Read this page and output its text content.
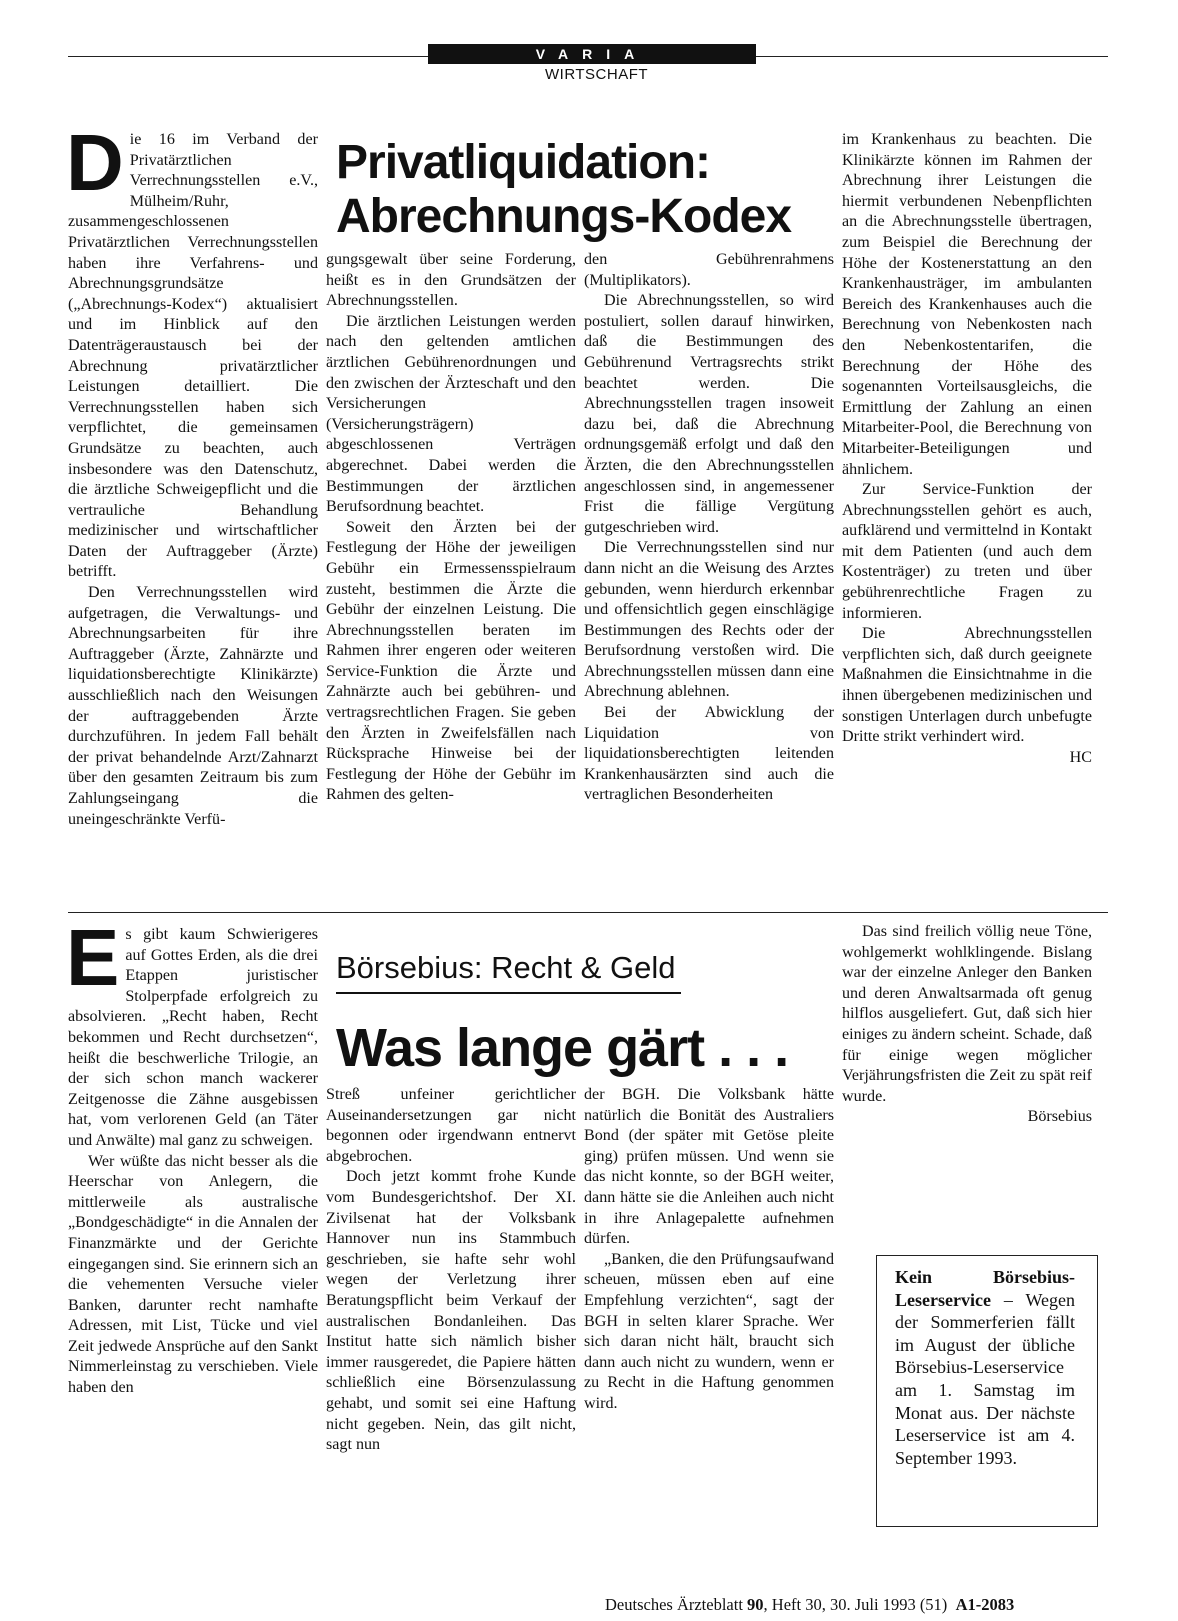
VARIA
WIRTSCHAFT
Privatliquidation:
Abrechnungs-Kodex
D ie 16 im Verband der Privatärztlichen Verrechnungsstellen e.V., Mülheim/Ruhr, zusammengeschlossenen Privatärztlichen Verrechnungsstellen haben ihre Verfahrens- und Abrechnungsgrundsätze („Abrechnungs-Kodex“) aktualisiert und im Hinblick auf den Datenträgeraustausch bei der Abrechnung privatärztlicher Leistungen detailliert. Die Verrechnungsstellen haben sich verpflichtet, die gemeinsamen Grundsätze zu beachten, auch insbesondere was den Datenschutz, die ärztliche Schweigepflicht und die vertrauliche Behandlung medizinischer und wirtschaftlicher Daten der Auftraggeber (Ärzte) betrifft.

Den Verrechnungsstellen wird aufgetragen, die Verwaltungs- und Abrechnungsarbeiten für ihre Auftraggeber (Ärzte, Zahnärzte und liquidationsberechtigte Klinikärzte) ausschließlich nach den Weisungen der auftraggebenden Ärzte durchzuführen. In jedem Fall behält der privat behandelnde Arzt/Zahnarzt über den gesamten Zeitraum bis zum Zahlungseingang die uneingeschränkte Verfü-

gungsgewalt über seine Forderung, heißt es in den Grundsätzen der Abrechnungsstellen.

Die ärztlichen Leistungen werden nach den geltenden amtlichen ärztlichen Gebührenordnungen und den zwischen der Ärzteschaft und den Versicherungen (Versicherungsträgern) abgeschlossenen Verträgen abgerechnet. Dabei werden die Bestimmungen der ärztlichen Berufsordnung beachtet.

Soweit den Ärzten bei der Festlegung der Höhe der jeweiligen Gebühr ein Ermessensspielraum zusteht, bestimmen die Ärzte die Gebühr der einzelnen Leistung. Die Abrechnungsstellen beraten im Rahmen ihrer engeren oder weiteren Service-Funktion die Ärzte und Zahnärzte auch bei gebühren- und vertragsrechtlichen Fragen. Sie geben den Ärzten in Zweifelsfällen nach Rücksprache Hinweise bei der Festlegung der Höhe der Gebühr im Rahmen des gelten-

den Gebührenrahmens (Multiplikators).

Die Abrechnungsstellen, so wird postuliert, sollen darauf hinwirken, daß die Bestimmungen des Gebührenund Vertragsrechts strikt beachtet werden. Die Abrechnungsstellen tragen insoweit dazu bei, daß die Abrechnung ordnungsgemäß erfolgt und daß den Ärzten, die den Abrechnungsstellen angeschlossen sind, in angemessener Frist die fällige Vergütung gutgeschrieben wird.

Die Verrechnungsstellen sind nur dann nicht an die Weisung des Arztes gebunden, wenn hierdurch erkennbar und offensichtlich gegen einschlägige Bestimmungen des Rechts oder der Berufsordnung verstoßen wird. Die Abrechnungsstellen müssen dann eine Abrechnung ablehnen.

Bei der Abwicklung der Liquidation von liquidationsberechtigten leitenden Krankenhausärzten sind auch die vertraglichen Besonderheiten

im Krankenhaus zu beachten. Die Klinikärzte können im Rahmen der Abrechnung ihrer Leistungen die hiermit verbundenen Nebenpflichten an die Abrechnungsstelle übertragen, zum Beispiel die Berechnung der Höhe der Kostenerstattung an den Krankenhausträger, im ambulanten Bereich des Krankenhauses auch die Berechnung von Nebenkosten nach den Nebenkostentarifen, die Berechnung der Höhe des sogenannten Vorteilsausgleichs, die Ermittlung der Zahlung an einen Mitarbeiter-Pool, die Berechnung von Mitarbeiter-Beteiligungen und ähnlichem.

Zur Service-Funktion der Abrechnungsstellen gehört es auch, aufklärend und vermittelnd in Kontakt mit dem Patienten (und auch dem Kostenträger) zu treten und über gebührenrechtliche Fragen zu informieren.

Die Abrechnungsstellen verpflichten sich, daß durch geeignete Maßnahmen die Einsichtnahme in die ihnen übergebenen medizinischen und sonstigen Unterlagen durch unbefugte Dritte strikt verhindert wird.

HC
Börsebius: Recht & Geld
Was lange gärt . . .
E s gibt kaum Schwierigeres auf Gottes Erden, als die drei Etappen juristischer Stolperpfade erfolgreich zu absolvieren. „Recht haben, Recht bekommen und Recht durchsetzen“, heißt die beschwerliche Trilogie, an der sich schon manch wackerer Zeitgenosse die Zähne ausgebissen hat, vom verlorenen Geld (an Täter und Anwälte) mal ganz zu schweigen.

Wer wüßte das nicht besser als die Heerschar von Anlegern, die mittlerweile als australische „Bondgeschädigte“ in die Annalen der Finanzmärkte und der Gerichte eingegangen sind. Sie erinnern sich an die vehementen Versuche vieler Banken, darunter recht namhafte Adressen, mit List, Tücke und viel Zeit jedwede Ansprüche auf den Sankt Nimmerleinstag zu verschieben. Viele haben den

Streß unfeiner gerichtlicher Auseinandersetzungen gar nicht begonnen oder irgendwann entnervt abgebrochen.

Doch jetzt kommt frohe Kunde vom Bundesgerichtshof. Der XI. Zivilsenat hat der Volksbank Hannover nun ins Stammbuch geschrieben, sie hafte sehr wohl wegen der Verletzung ihrer Beratungspflicht beim Verkauf der australischen Bondanleihen. Das Institut hatte sich nämlich bisher immer rausgeredet, die Papiere hätten schließlich eine Börsenzulassung gehabt, und somit sei eine Haftung nicht gegeben. Nein, das gilt nicht, sagt nun

der BGH. Die Volksbank hätte natürlich die Bonität des Australiers Bond (der später mit Getöse pleite ging) prüfen müssen. Und wenn sie das nicht konnte, so der BGH weiter, dann hätte sie die Anleihen auch nicht in ihre Anlagepalette aufnehmen dürfen.

„Banken, die den Prüfungsaufwand scheuen, müssen eben auf eine Empfehlung verzichten“, sagt der BGH in selten klarer Sprache. Wer sich daran nicht hält, braucht sich dann auch nicht zu wundern, wenn er zu Recht in die Haftung genommen wird.

Das sind freilich völlig neue Töne, wohlgemerkt wohlklingende. Bislang war der einzelne Anleger den Banken und deren Anwaltsarmada oft genug hilflos ausgeliefert. Gut, daß sich hier einiges zu ändern scheint. Schade, daß für einige wegen möglicher Verjährungsfristen die Zeit zu spät reif wurde.

Börsebius
Kein Börsebius-Leserservice – Wegen der Sommerferien fällt im August der übliche Börsebius-Leserservice am 1. Samstag im Monat aus. Der nächste Leserservice ist am 4. September 1993.
Deutsches Ärzteblatt 90, Heft 30, 30. Juli 1993 (51) A1-2083
